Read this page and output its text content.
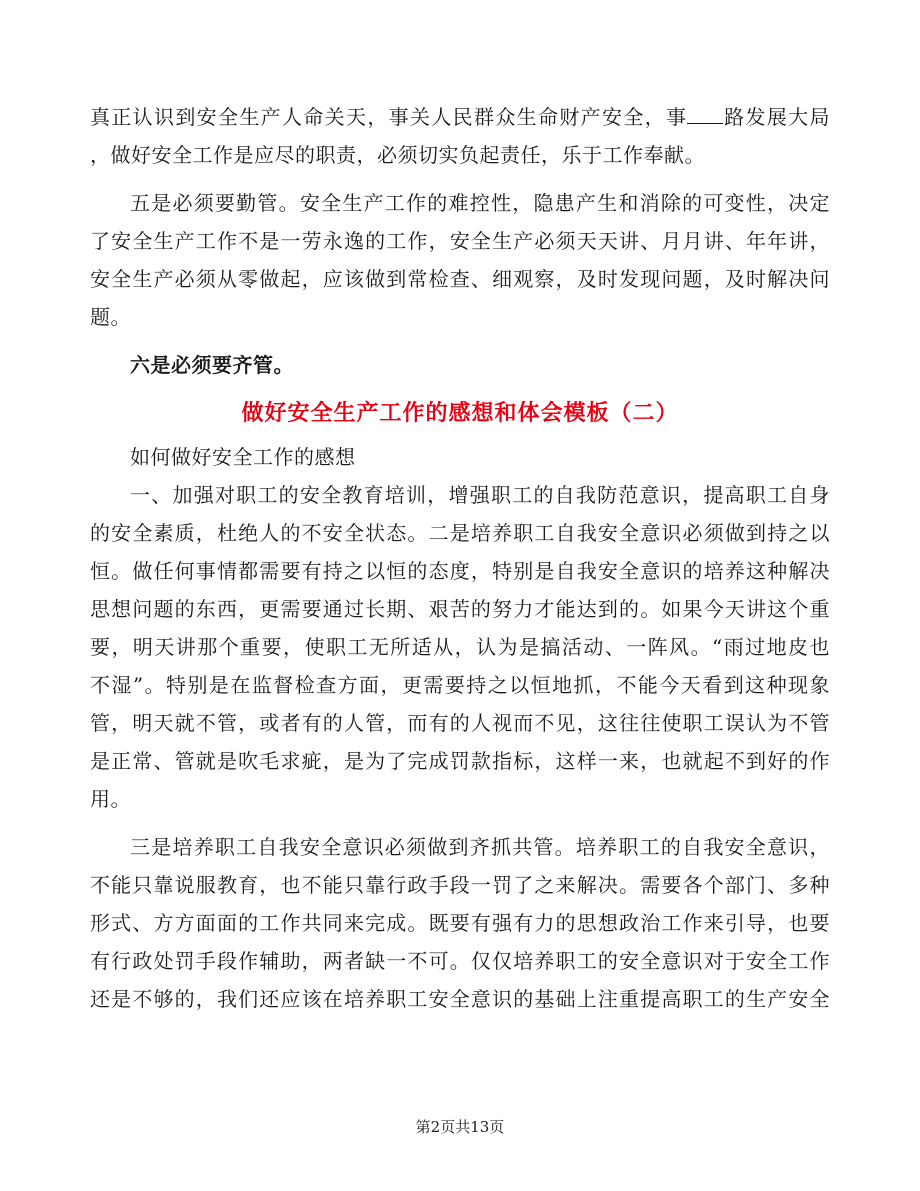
真正认识到安全生产人命关天，事关人民群众生命财产安全，事 路发展大局
，做好安全工作是应尽的职责，必须切实负起责任，乐于工作奉献。
五是必须要勤管。安全生产工作的难控性，隐患产生和消除的可变性，决定
了安全生产工作不是一劳永逸的工作，安全生产必须天天讲、月月讲、年年讲，
安全生产必须从零做起，应该做到常检查、细观察，及时发现问题，及时解决问
题。
六是必须要齐管。
做好安全生产工作的感想和体会模板（二）
如何做好安全工作的感想
一、加强对职工的安全教育培训，增强职工的自我防范意识，提高职工自身
的安全素质，杜绝人的不安全状态。二是培养职工自我安全意识必须做到持之以
恒。做任何事情都需要有持之以恒的态度，特别是自我安全意识的培养这种解决
思想问题的东西，更需要通过长期、艰苦的努力才能达到的。如果今天讲这个重
要，明天讲那个重要，使职工无所适从，认为是搞活动、一阵风。“雨过地皮也
不湿”。特别是在监督检查方面，更需要持之以恒地抓，不能今天看到这种现象
管，明天就不管，或者有的人管，而有的人视而不见，这往往使职工误认为不管
是正常、管就是吹毛求疵，是为了完成罚款指标，这样一来，也就起不到好的作
用。
三是培养职工自我安全意识必须做到齐抓共管。培养职工的自我安全意识，
不能只靠说服教育，也不能只靠行政手段一罚了之来解决。需要各个部门、多种
形式、方方面面的工作共同来完成。既要有强有力的思想政治工作来引导，也要
有行政处罚手段作辅助，两者缺一不可。仅仅培养职工的安全意识对于安全工作
还是不够的，我们还应该在培养职工安全意识的基础上注重提高职工的生产安全
第2页共13页
